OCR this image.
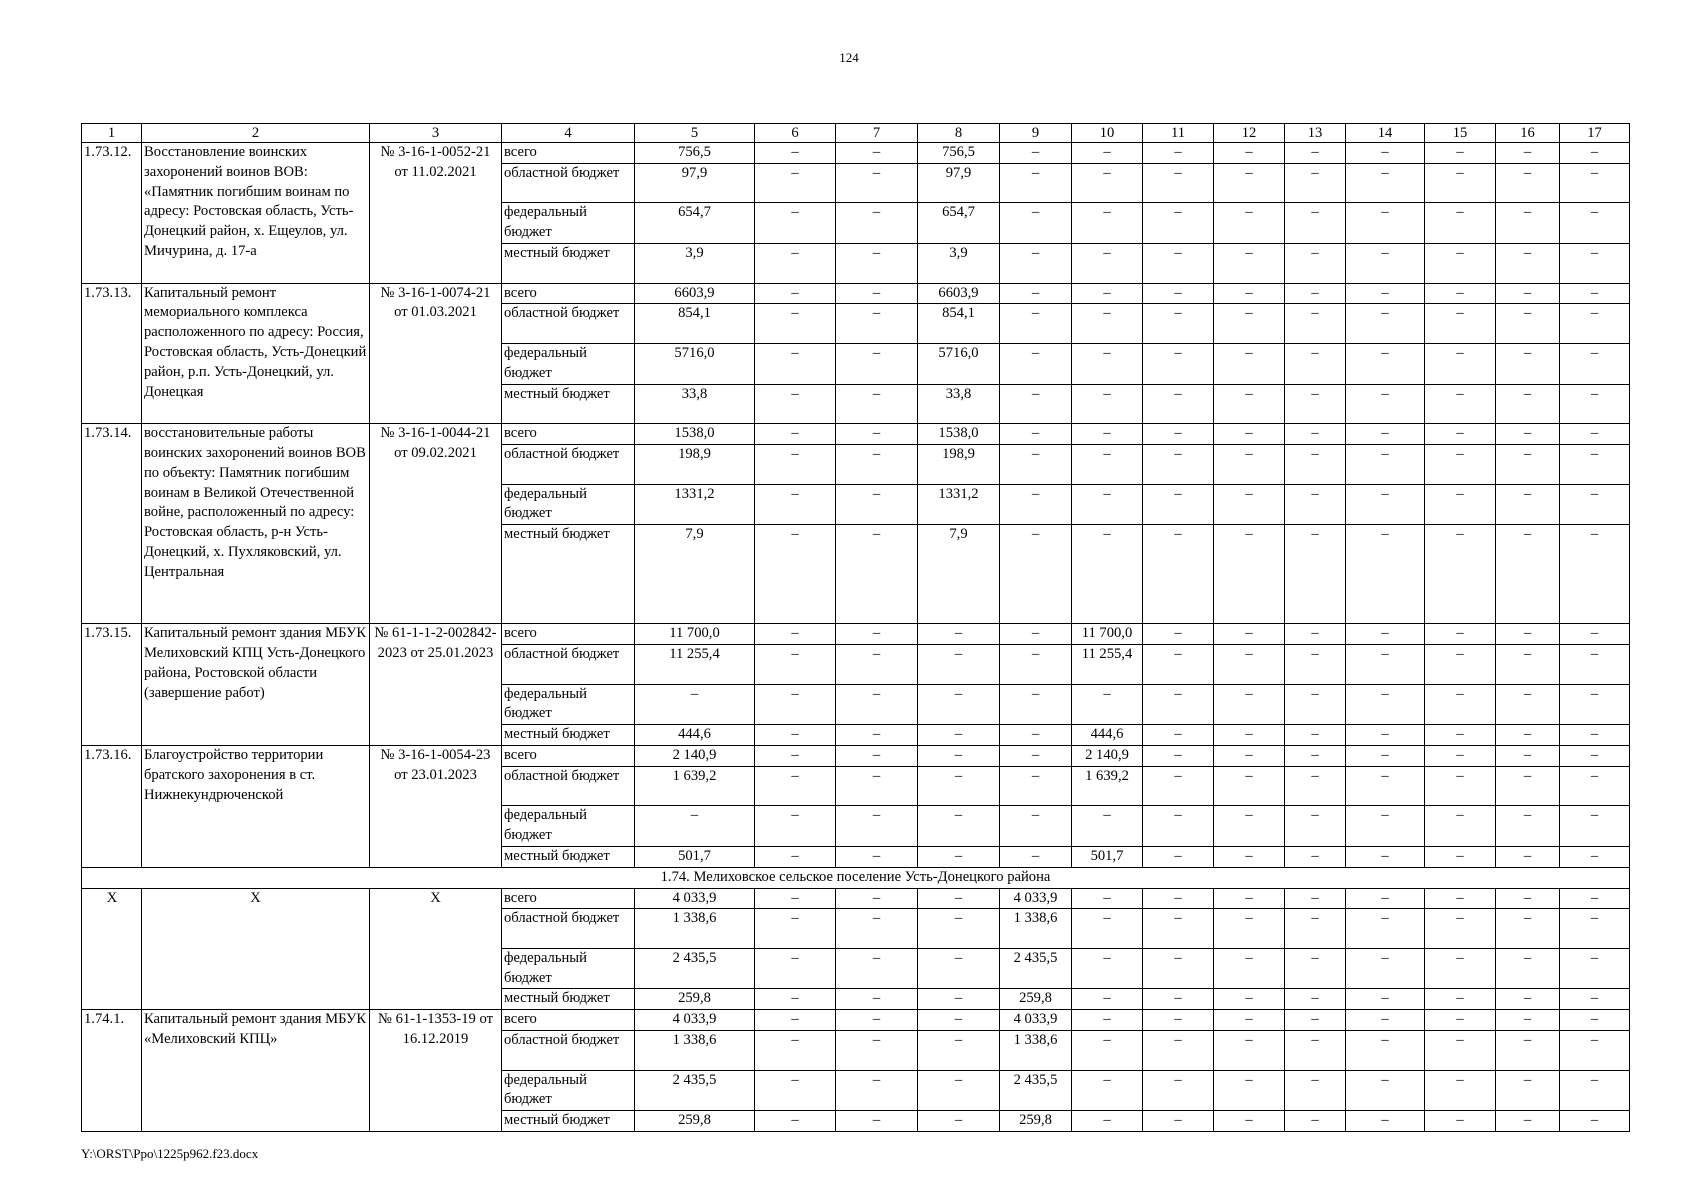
124
1	2	3	4	5	6	7	8	9	10	11	12	13	14	15	16	17
1.73.12.	Восстановление воинских захоронений воинов ВОВ: «Памятник погибшим воинам по адресу: Ростовская область, Усть-Донецкий район, х. Ещеулов, ул. Мичурина, д. 17-а	№ 3-16-1-0052-21 от 11.02.2021	всего	756,5	–	–	756,5	–	–	–	–	–	–	–	–	–
			областной бюджет	97,9	–	–	97,9	–	–	–	–	–	–	–	–	–
			федеральный бюджет	654,7	–	–	654,7	–	–	–	–	–	–	–	–	–
			местный бюджет	3,9	–	–	3,9	–	–	–	–	–	–	–	–	–
1.73.13.	Капитальный ремонт мемориального комплекса расположенного по адресу: Россия, Ростовская область, Усть-Донецкий район, р.п. Усть-Донецкий, ул. Донецкая	№ 3-16-1-0074-21 от 01.03.2021	всего	6603,9	–	–	6603,9	–	–	–	–	–	–	–	–	–
			областной бюджет	854,1	–	–	854,1	–	–	–	–	–	–	–	–	–
			федеральный бюджет	5716,0	–	–	5716,0	–	–	–	–	–	–	–	–	–
			местный бюджет	33,8	–	–	33,8	–	–	–	–	–	–	–	–	–
1.73.14.	восстановительные работы воинских захоронений воинов ВОВ по объекту: Памятник погибшим воинам в Великой Отечественной войне, расположенный по адресу: Ростовская область, р-н Усть-Донецкий, х. Пухляковский, ул. Центральная	№ 3-16-1-0044-21 от 09.02.2021	всего	1538,0	–	–	1538,0	–	–	–	–	–	–	–	–	–
			областной бюджет	198,9	–	–	198,9	–	–	–	–	–	–	–	–	–
			федеральный бюджет	1331,2	–	–	1331,2	–	–	–	–	–	–	–	–	–
			местный бюджет	7,9	–	–	7,9	–	–	–	–	–	–	–	–	–
1.73.15.	Капитальный ремонт здания МБУК Мелиховский КПЦ Усть-Донецкого района, Ростовской области (завершение работ)	№ 61-1-1-2-002842-2023 от 25.01.2023	всего	11 700,0	–	–	–	–	11 700,0	–	–	–	–	–	–	–
			областной бюджет	11 255,4	–	–	–	–	11 255,4	–	–	–	–	–	–	–
			федеральный бюджет	–	–	–	–	–	–	–	–	–	–	–	–	–
			местный бюджет	444,6	–	–	–	–	444,6	–	–	–	–	–	–	–
1.73.16.	Благоустройство территории братского захоронения в ст. Нижнекундрюченской	№ 3-16-1-0054-23 от 23.01.2023	всего	2 140,9	–	–	–	–	2 140,9	–	–	–	–	–	–	–
			областной бюджет	1 639,2	–	–	–	–	1 639,2	–	–	–	–	–	–	–
			федеральный бюджет	–	–	–	–	–	–	–	–	–	–	–	–	–
			местный бюджет	501,7	–	–	–	–	501,7	–	–	–	–	–	–	–
1.74. Мелиховское сельское поселение Усть-Донецкого района																
Х	Х	Х	всего	4 033,9	–	–	–	4 033,9	–	–	–	–	–	–	–	–
			областной бюджет	1 338,6	–	–	–	1 338,6	–	–	–	–	–	–	–	–
			федеральный бюджет	2 435,5	–	–	–	2 435,5	–	–	–	–	–	–	–	–
			местный бюджет	259,8	–	–	–	259,8	–	–	–	–	–	–	–	–
1.74.1.	Капитальный ремонт здания МБУК «Мелиховский КПЦ»	№ 61-1-1353-19 от 16.12.2019	всего	4 033,9	–	–	–	4 033,9	–	–	–	–	–	–	–	–
			областной бюджет	1 338,6	–	–	–	1 338,6	–	–	–	–	–	–	–	–
			федеральный бюджет	2 435,5	–	–	–	2 435,5	–	–	–	–	–	–	–	–
			местный бюджет	259,8	–	–	–	259,8	–	–	–	–	–	–	–	–
Y:\ORST\Ppo\1225p962.f23.docx
